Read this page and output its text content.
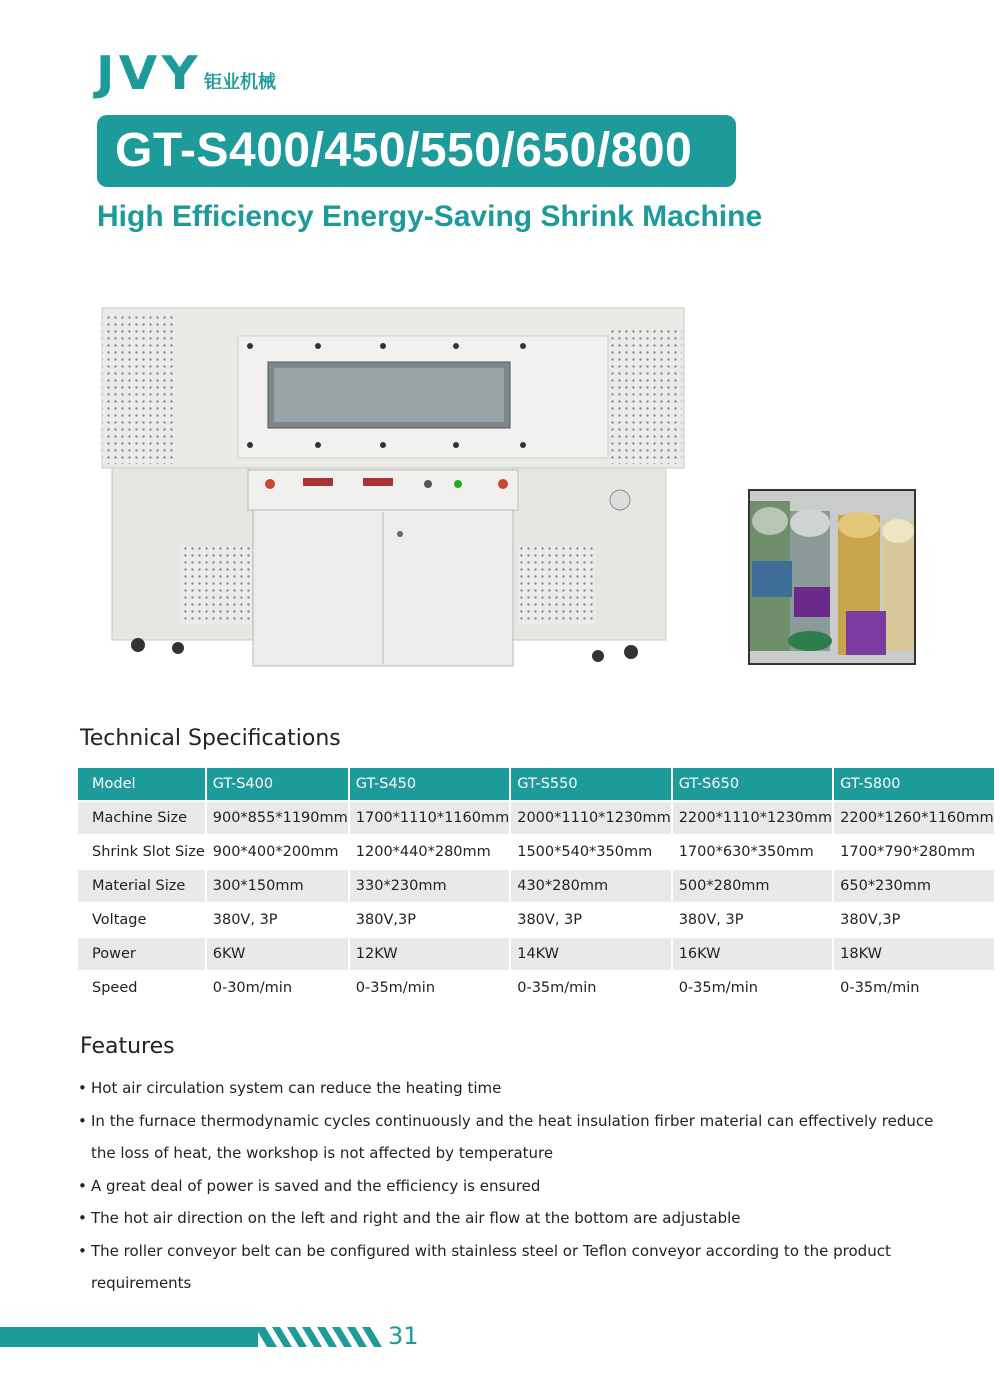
JVY 钜业机械
GT-S400/450/550/650/800
High Efficiency Energy-Saving Shrink Machine
Technical Specifications
Model	GT-S400	GT-S450	GT-S550	GT-S650	GT-S800
Machine Size	900*855*1190mm	1700*1110*1160mm	2000*1110*1230mm	2200*1110*1230mm	2200*1260*1160mm
Shrink Slot Size	900*400*200mm	1200*440*280mm	1500*540*350mm	1700*630*350mm	1700*790*280mm
Material Size	300*150mm	330*230mm	430*280mm	500*280mm	650*230mm
Voltage	380V, 3P	380V,3P	380V, 3P	380V, 3P	380V,3P
Power	6KW	12KW	14KW	16KW	18KW
Speed	0-30m/min	0-35m/min	0-35m/min	0-35m/min	0-35m/min
Features
• Hot air circulation system can reduce the heating time
• In the furnace thermodynamic cycles continuously and the heat insulation firber material can effectively reduce the loss of heat, the workshop is not affected by temperature
• A great deal of power is saved and the efficiency is ensured
• The hot air direction on the left and right and the air flow at the bottom are adjustable
• The roller conveyor belt can be configured with stainless steel or Teflon conveyor according to the product requirements
31
